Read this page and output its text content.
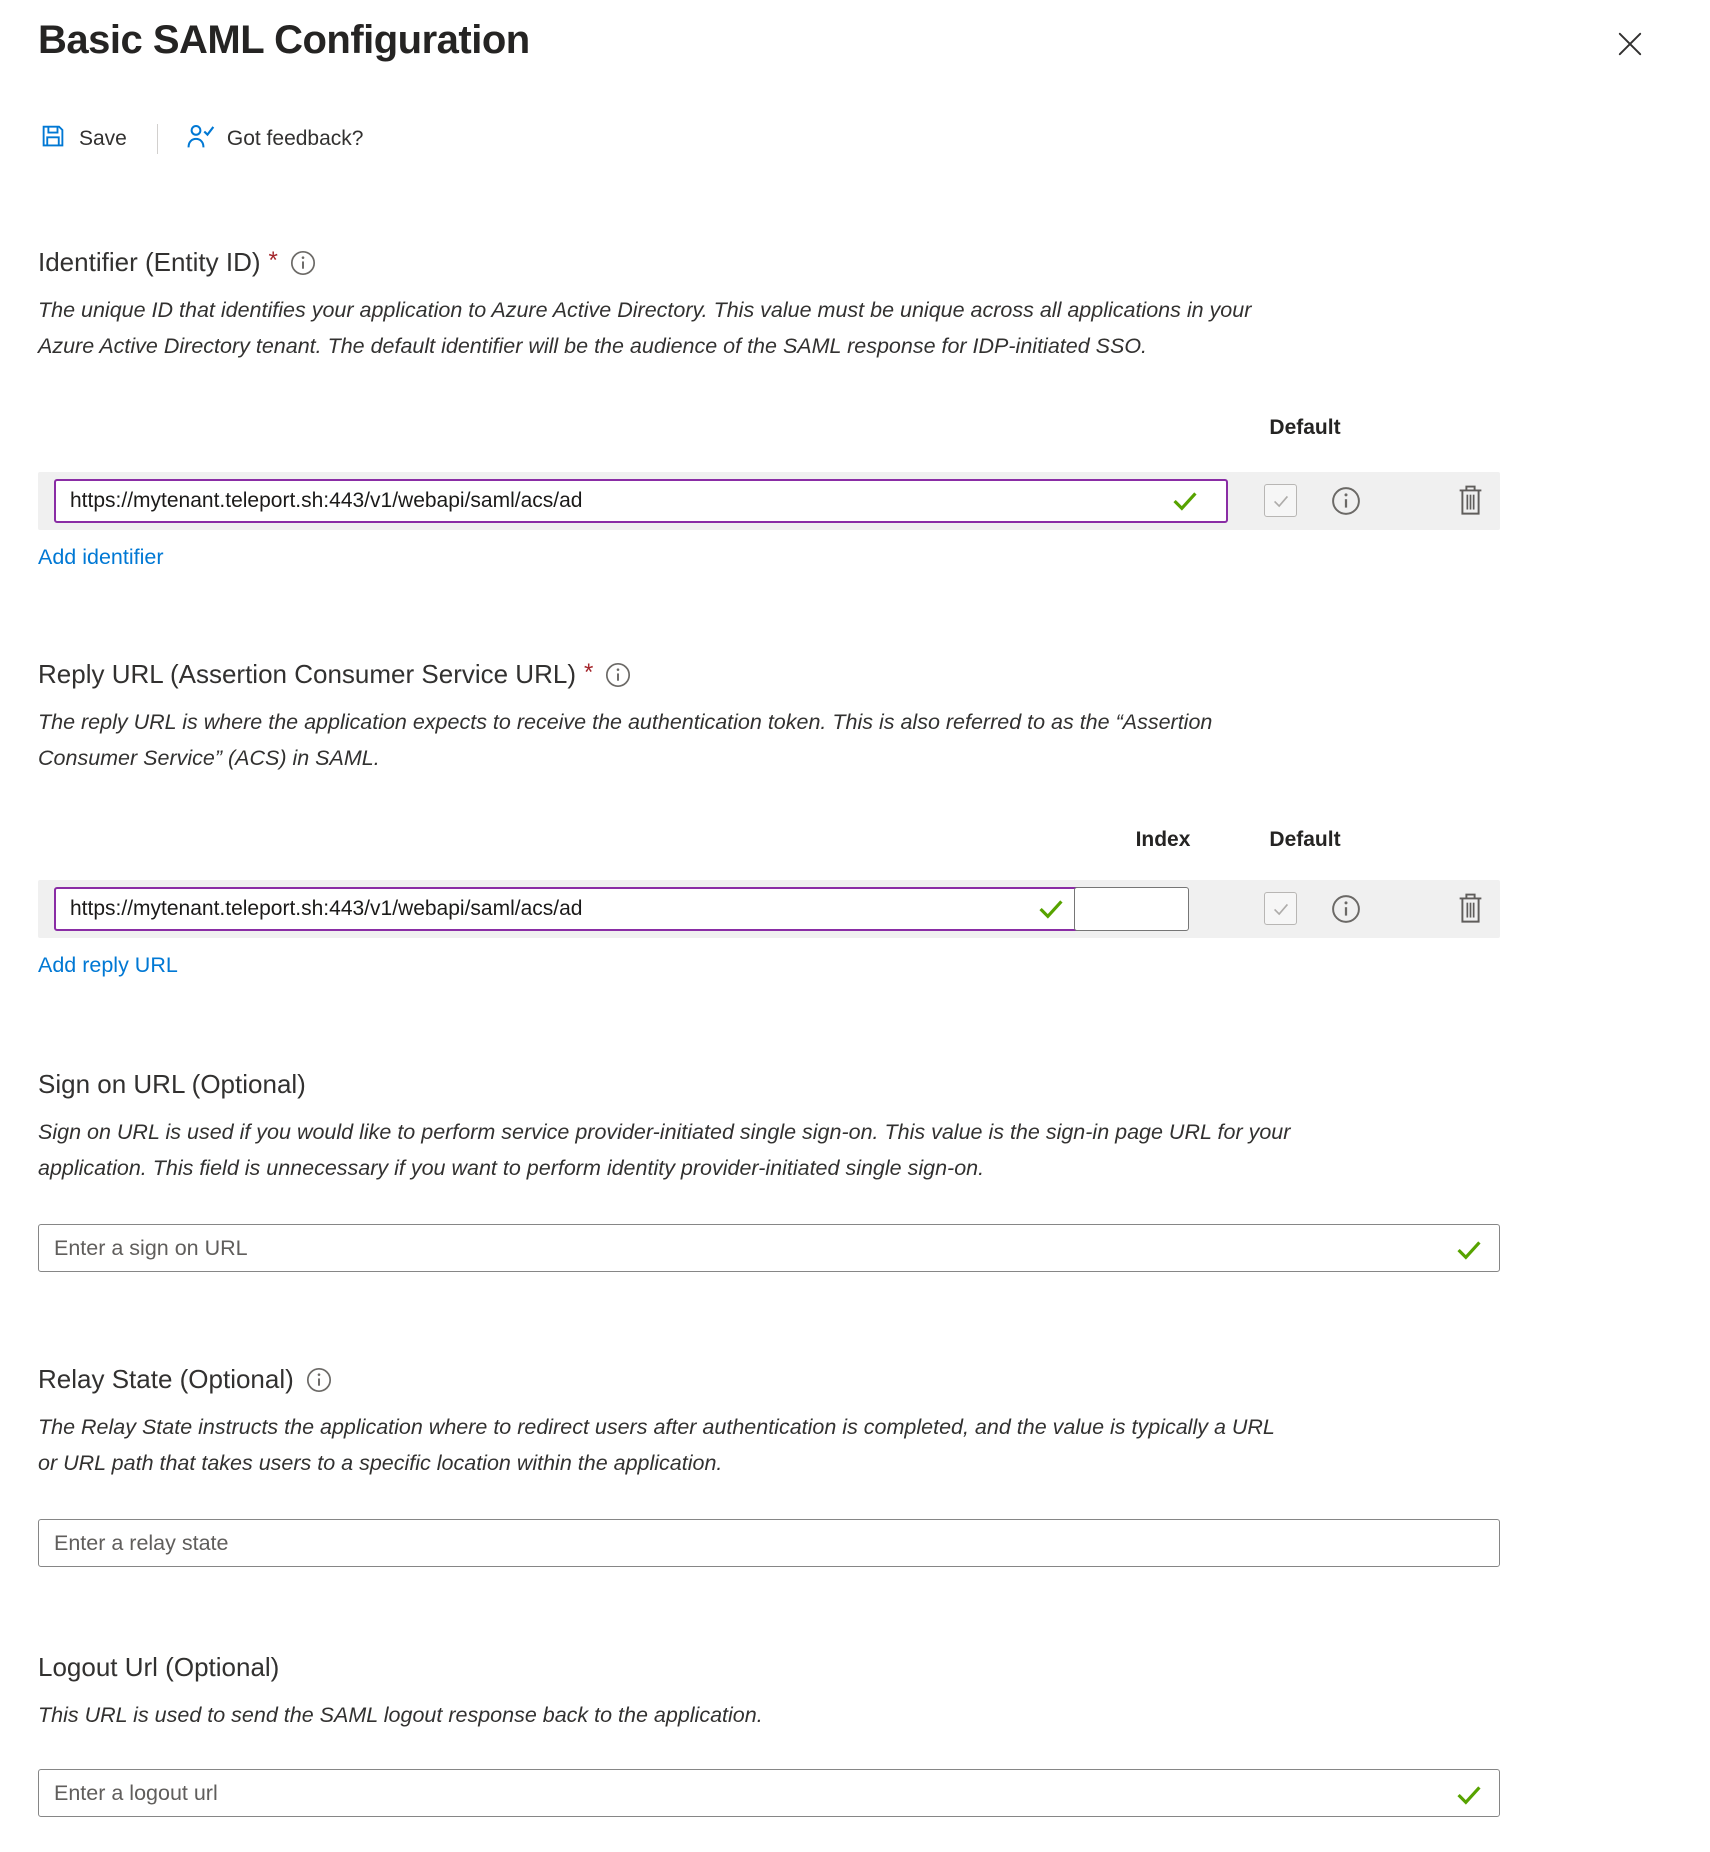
Basic SAML Configuration
Save	Got feedback?
Identifier (Entity ID) *
The unique ID that identifies your application to Azure Active Directory. This value must be unique across all applications in your Azure Active Directory tenant. The default identifier will be the audience of the SAML response for IDP-initiated SSO.
Default
https://mytenant.teleport.sh:443/v1/webapi/saml/acs/ad
Add identifier
Reply URL (Assertion Consumer Service URL) *
The reply URL is where the application expects to receive the authentication token. This is also referred to as the “Assertion Consumer Service” (ACS) in SAML.
Index	Default
https://mytenant.teleport.sh:443/v1/webapi/saml/acs/ad
Add reply URL
Sign on URL (Optional)
Sign on URL is used if you would like to perform service provider-initiated single sign-on. This value is the sign-in page URL for your application. This field is unnecessary if you want to perform identity provider-initiated single sign-on.
Enter a sign on URL
Relay State (Optional)
The Relay State instructs the application where to redirect users after authentication is completed, and the value is typically a URL or URL path that takes users to a specific location within the application.
Enter a relay state
Logout Url (Optional)
This URL is used to send the SAML logout response back to the application.
Enter a logout url
